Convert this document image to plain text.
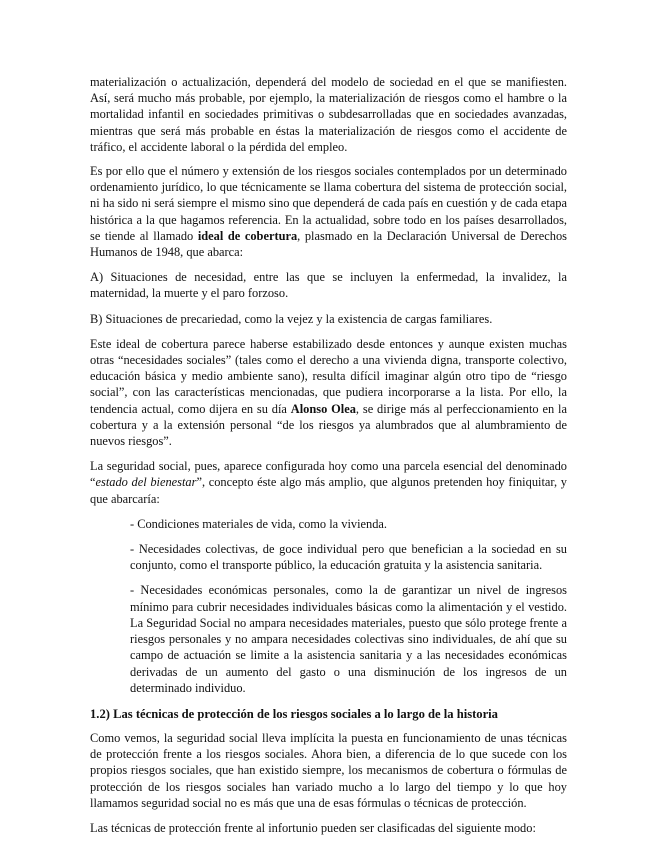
materialización o actualización, dependerá del modelo de sociedad en el que se manifiesten. Así, será mucho más probable, por ejemplo, la materialización de riesgos como el hambre o la mortalidad infantil en sociedades primitivas o subdesarrolladas que en sociedades avanzadas, mientras que será más probable en éstas la materialización de riesgos como el accidente de tráfico, el accidente laboral o la pérdida del empleo.

Es por ello que el número y extensión de los riesgos sociales contemplados por un determinado ordenamiento jurídico, lo que técnicamente se llama cobertura del sistema de protección social, ni ha sido ni será siempre el mismo sino que dependerá de cada país en cuestión y de cada etapa histórica a la que hagamos referencia. En la actualidad, sobre todo en los países desarrollados, se tiende al llamado ideal de cobertura, plasmado en la Declaración Universal de Derechos Humanos de 1948, que abarca:

A) Situaciones de necesidad, entre las que se incluyen la enfermedad, la invalidez, la maternidad, la muerte y el paro forzoso.

B) Situaciones de precariedad, como la vejez y la existencia de cargas familiares.

Este ideal de cobertura parece haberse estabilizado desde entonces y aunque existen muchas otras “necesidades sociales” (tales como el derecho a una vivienda digna, transporte colectivo, educación básica y medio ambiente sano), resulta difícil imaginar algún otro tipo de “riesgo social”, con las características mencionadas, que pudiera incorporarse a la lista. Por ello, la tendencia actual, como dijera en su día Alonso Olea, se dirige más al perfeccionamiento en la cobertura y a la extensión personal “de los riesgos ya alumbrados que al alumbramiento de nuevos riesgos”.

La seguridad social, pues, aparece configurada hoy como una parcela esencial del denominado “estado del bienestar”, concepto éste algo más amplio, que algunos pretenden hoy finiquitar, y que abarcaría:

- Condiciones materiales de vida, como la vivienda.
- Necesidades colectivas, de goce individual pero que benefician a la sociedad en su conjunto, como el transporte público, la educación gratuita y la asistencia sanitaria.
- Necesidades económicas personales, como la de garantizar un nivel de ingresos mínimo para cubrir necesidades individuales básicas como la alimentación y el vestido. La Seguridad Social no ampara necesidades materiales, puesto que sólo protege frente a riesgos personales y no ampara necesidades colectivas sino individuales, de ahí que su campo de actuación se limite a la asistencia sanitaria y a las necesidades económicas derivadas de un aumento del gasto o una disminución de los ingresos de un determinado individuo.
1.2) Las técnicas de protección de los riesgos sociales a lo largo de la historia

Como vemos, la seguridad social lleva implícita la puesta en funcionamiento de unas técnicas de protección frente a los riesgos sociales. Ahora bien, a diferencia de lo que sucede con los propios riesgos sociales, que han existido siempre, los mecanismos de cobertura o fórmulas de protección de los riesgos sociales han variado mucho a lo largo del tiempo y lo que hoy llamamos seguridad social no es más que una de esas fórmulas o técnicas de protección.

Las técnicas de protección frente al infortunio pueden ser clasificadas del siguiente modo:
